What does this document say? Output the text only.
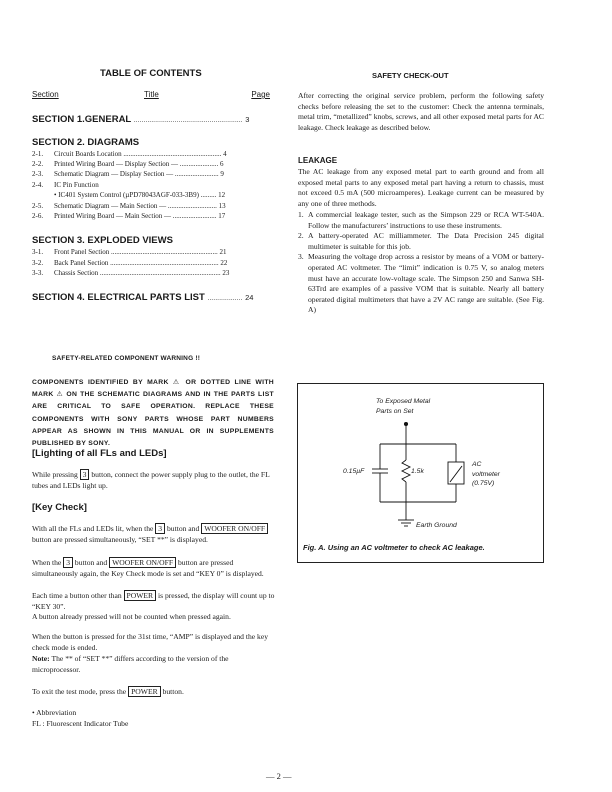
TABLE OF CONTENTS
Section	Title	Page
SECTION 1.GENERAL ........................................................ 3
SECTION 2. DIAGRAMS
2-1.	Circuit Boards Location ........................................................ 4
2-2.	Printed Wiring Board — Display Section — ...................... 6
2-3.	Schematic Diagram — Display Section — ......................... 9
2-4.	IC Pin Function
• IC401 System Control (µPD78043AGF-033-3B9) ......... 12
2-5.	Schematic Diagram — Main Section — ............................ 13
2-6.	Printed Wiring Board — Main Section — ......................... 17
SECTION 3. EXPLODED VIEWS
3-1.	Front Panel Section ............................................................. 21
3-2.	Back Panel Section .............................................................. 22
3-3.	Chassis Section ..................................................................... 23
SECTION 4. ELECTRICAL PARTS LIST .................. 24
SAFETY-RELATED COMPONENT WARNING !!
COMPONENTS IDENTIFIED BY MARK ⚠ OR DOTTED LINE WITH MARK ⚠ ON THE SCHEMATIC DIAGRAMS AND IN THE PARTS LIST ARE CRITICAL TO SAFE OPERATION. REPLACE THESE COMPONENTS WITH SONY PARTS WHOSE PART NUMBERS APPEAR AS SHOWN IN THIS MANUAL OR IN SUPPLEMENTS PUBLISHED BY SONY.
[Lighting of all FLs and LEDs]
While pressing 3 button, connect the power supply plug to the outlet, the FL tubes and LEDs light up.
[Key Check]
With all the FLs and LEDs lit, when the 3 button and WOOFER ON/OFF button are pressed simultaneously, “SET **” is displayed.
When the 3 button and WOOFER ON/OFF button are pressed simultaneously again, the Key Check mode is set and “KEY 0” is displayed.
Each time a button other than POWER is pressed, the display will count up to “KEY 30”.
A button already pressed will not be counted when pressed again.
When the button is pressed for the 31st time, “AMP” is displayed and the key check mode is ended.
Note: The ** of “SET **” differs according to the version of the microprocessor.
To exit the test mode, press the POWER button.
• Abbreviation
FL : Fluorescent Indicator Tube
SAFETY CHECK-OUT
After correcting the original service problem, perform the following safety checks before releasing the set to the customer: Check the antenna terminals, metal trim, “metallized” knobs, screws, and all other exposed metal parts for AC leakage. Check leakage as described below.
LEAKAGE
The AC leakage from any exposed metal part to earth ground and from all exposed metal parts to any exposed metal part having a return to chassis, must not exceed 0.5 mA (500 microamperes). Leakage current can be measured by any one of three methods.
1. A commercial leakage tester, such as the Simpson 229 or RCA WT-540A. Follow the manufacturers’ instructions to use these instruments.
2. A battery-operated AC milliammeter. The Data Precision 245 digital multimeter is suitable for this job.
3. Measuring the voltage drop across a resistor by means of a VOM or battery-operated AC voltmeter. The “limit” indication is 0.75 V, so analog meters must have an accurate low-voltage scale. The Simpson 250 and Sanwa SH-63Trd are examples of a passive VOM that is suitable. Nearly all battery operated digital multimeters that have a 2V AC range are suitable. (See Fig. A)
To Exposed Metal
Parts on Set
0.15µF	1.5k
AC
voltmeter
(0.75V)
Earth Ground
Fig. A. Using an AC voltmeter to check AC leakage.
— 2 —
